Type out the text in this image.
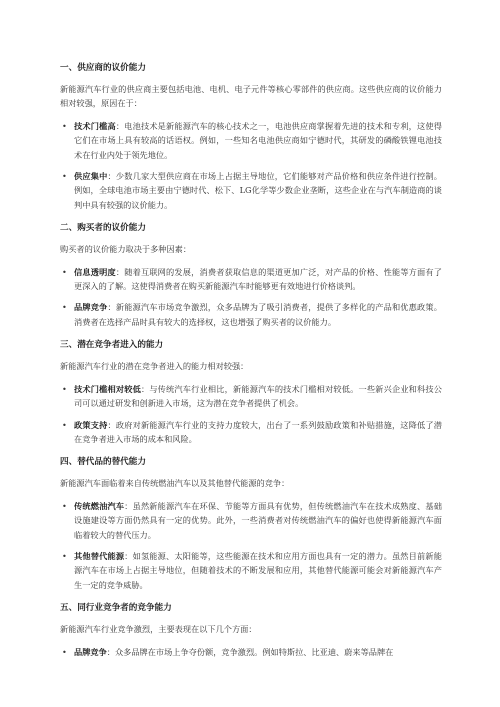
一、供应商的议价能力

新能源汽车行业的供应商主要包括电池、电机、电子元件等核心零部件的供应商。这些供应商的议价能力相对较强，原因在于：

• 技术门槛高：电池技术是新能源汽车的核心技术之一，电池供应商掌握着先进的技术和专利，这使得它们在市场上具有较高的话语权。例如，一些知名电池供应商如宁德时代，其研发的磷酸铁锂电池技术在行业内处于领先地位。
• 供应集中：少数几家大型供应商在市场上占据主导地位，它们能够对产品价格和供应条件进行控制。例如，全球电池市场主要由宁德时代、松下、LG化学等少数企业垄断，这些企业在与汽车制造商的谈判中具有较强的议价能力。
二、购买者的议价能力

购买者的议价能力取决于多种因素：

• 信息透明度：随着互联网的发展，消费者获取信息的渠道更加广泛，对产品的价格、性能等方面有了更深入的了解。这使得消费者在购买新能源汽车时能够更有效地进行价格谈判。
• 品牌竞争：新能源汽车市场竞争激烈，众多品牌为了吸引消费者，提供了多样化的产品和优惠政策。消费者在选择产品时具有较大的选择权，这也增强了购买者的议价能力。
三、潜在竞争者进入的能力

新能源汽车行业的潜在竞争者进入的能力相对较强：

• 技术门槛相对较低：与传统汽车行业相比，新能源汽车的技术门槛相对较低。一些新兴企业和科技公司可以通过研发和创新进入市场，这为潜在竞争者提供了机会。
• 政策支持：政府对新能源汽车行业的支持力度较大，出台了一系列鼓励政策和补贴措施，这降低了潜在竞争者进入市场的成本和风险。
四、替代品的替代能力

新能源汽车面临着来自传统燃油汽车以及其他替代能源的竞争：

• 传统燃油汽车：虽然新能源汽车在环保、节能等方面具有优势，但传统燃油汽车在技术成熟度、基础设施建设等方面仍然具有一定的优势。此外，一些消费者对传统燃油汽车的偏好也使得新能源汽车面临着较大的替代压力。
• 其他替代能源：如氢能源、太阳能等，这些能源在技术和应用方面也具有一定的潜力。虽然目前新能源汽车在市场上占据主导地位，但随着技术的不断发展和应用，其他替代能源可能会对新能源汽车产生一定的竞争威胁。
五、同行业竞争者的竞争能力

新能源汽车行业竞争激烈，主要表现在以下几个方面：

• 品牌竞争：众多品牌在市场上争夺份额，竞争激烈。例如特斯拉、比亚迪、蔚来等品牌在
